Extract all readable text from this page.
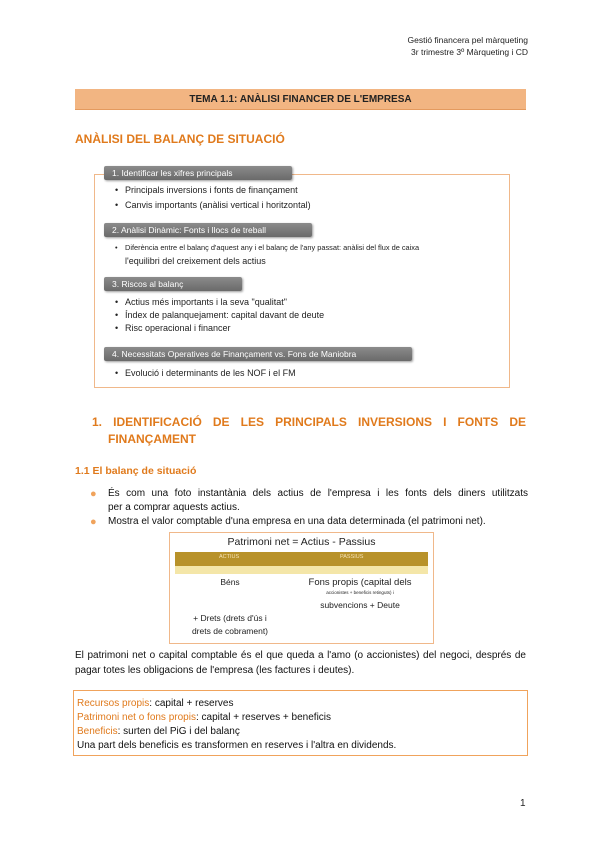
Gestió financera pel màrqueting
3r trimestre 3º Màrqueting i CD
TEMA 1.1: ANÀLISI FINANCER DE L'EMPRESA
ANÀLISI DEL BALANÇ DE SITUACIÓ
1. Identificar les xifres principals
• Principals inversions i fonts de finançament
• Canvis importants (anàlisi vertical i horitzontal)
2. Anàlisi Dinàmic: Fonts i llocs de treball
• Diferència entre el balanç d'aquest any i el balanç de l'any passat: anàlisi del flux de caixa
l'equilibri del creixement dels actius
3. Riscos al balanç
• Actius més importants i la seva "qualitat"
• Índex de palanquejament: capital davant de deute
• Risc operacional i financer
4. Necessitats Operatives de Finançament vs. Fons de Maniobra
• Evolució i determinants de les NOF i el FM
1. IDENTIFICACIÓ DE LES PRINCIPALS INVERSIONS I FONTS DE
FINANÇAMENT
1.1 El balanç de situació
● És com una foto instantània dels actius de l'empresa i les fonts dels diners utilitzats
per a comprar aquests actius.
● Mostra el valor comptable d'una empresa en una data determinada (el patrimoni net).
Patrimoni net = Actius - Passius
ACTIUS	PASSIUS
Béns
+ Drets (drets d'ús i
drets de cobrament)
Fons propis (capital dels
accionistes + beneficis retinguts) i
subvencions + Deute
El patrimoni net o capital comptable és el que queda a l'amo (o accionistes) del negoci, després de pagar totes les obligacions de l'empresa (les factures i deutes).
Recursos propis: capital + reserves
Patrimoni net o fons propis: capital + reserves + beneficis
Beneficis: surten del PiG i del balanç
Una part dels beneficis es transformen en reserves i l'altra en dividends.
1
